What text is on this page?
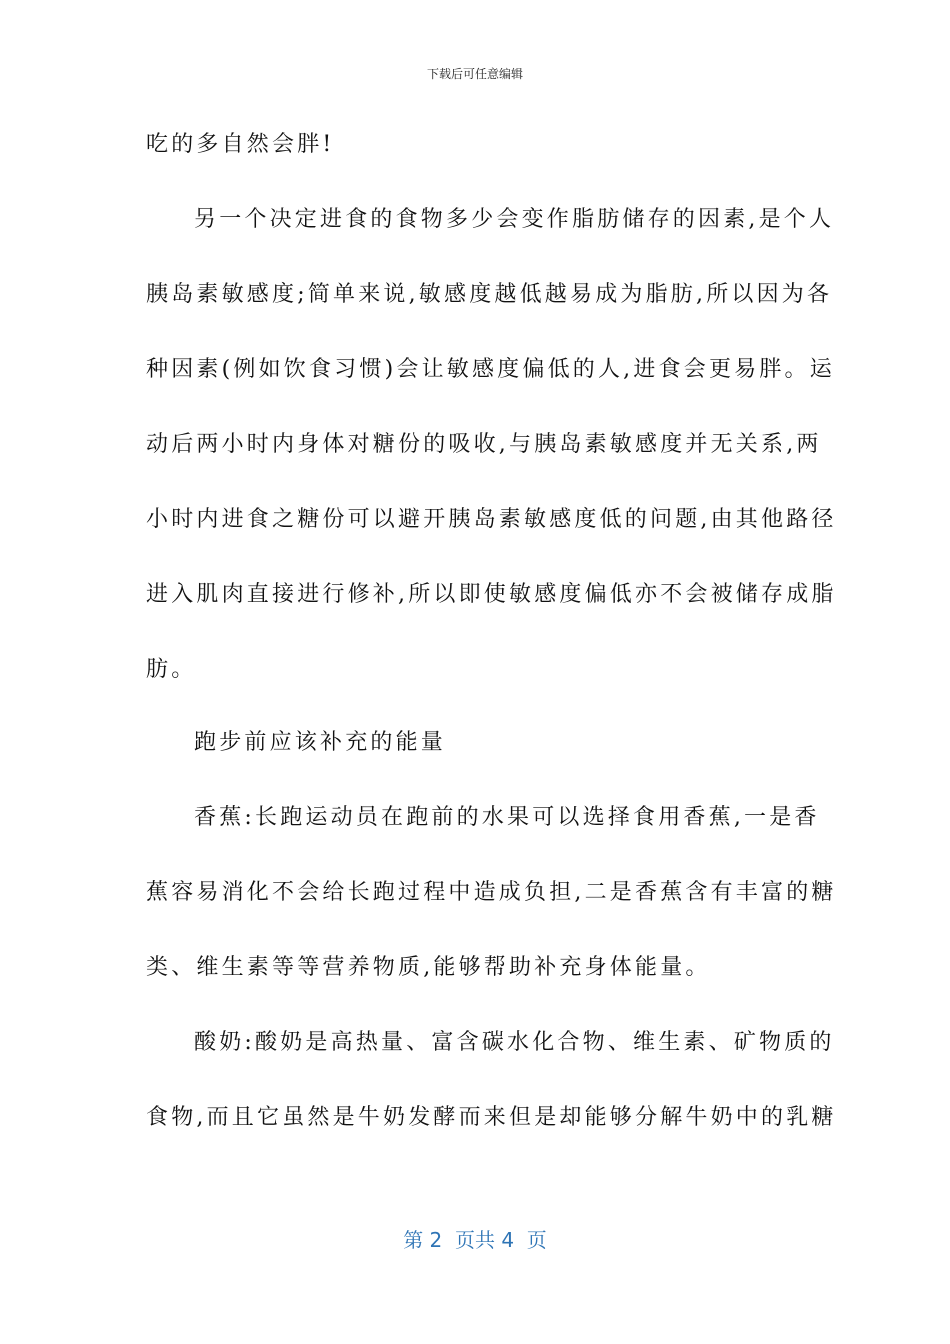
下载后可任意编辑
吃的多自然会胖!
另一个决定进食的食物多少会变作脂肪储存的因素,是个人
胰岛素敏感度;简单来说,敏感度越低越易成为脂肪,所以因为各
种因素(例如饮食习惯)会让敏感度偏低的人,进食会更易胖。运
动后两小时内身体对糖份的吸收,与胰岛素敏感度并无关系,两
小时内进食之糖份可以避开胰岛素敏感度低的问题,由其他路径
进入肌肉直接进行修补,所以即使敏感度偏低亦不会被储存成脂
肪。
跑步前应该补充的能量
香蕉:长跑运动员在跑前的水果可以选择食用香蕉,一是香
蕉容易消化不会给长跑过程中造成负担,二是香蕉含有丰富的糖
类、维生素等等营养物质,能够帮助补充身体能量。
酸奶:酸奶是高热量、富含碳水化合物、维生素、矿物质的
食物,而且它虽然是牛奶发酵而来但是却能够分解牛奶中的乳糖
第 2  页共 4  页
